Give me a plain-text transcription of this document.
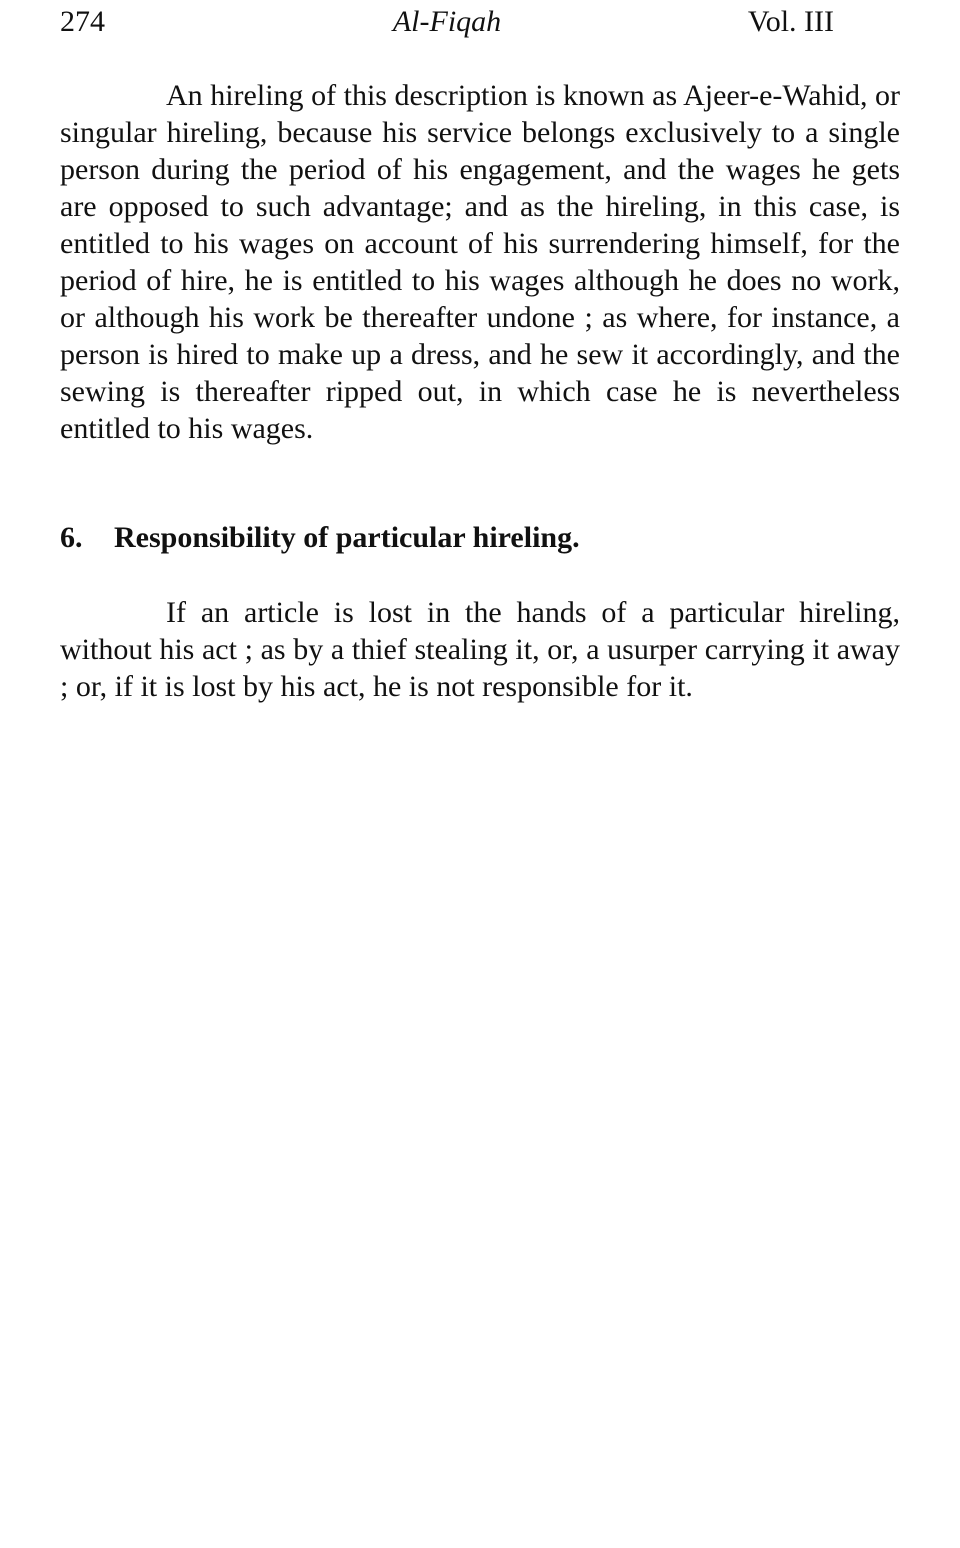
274	Al-Fiqah	Vol. III

An hireling of this description is known as Ajeer-e-Wahid, or singular hireling, because his service belongs exclusively to a single person during the period of his engagement, and the wages he gets are opposed to such advantage; and as the hireling, in this case, is entitled to his wages on account of his surrendering himself, for the period of hire, he is entitled to his wages although he does no work, or although his work be thereafter undone ; as where, for instance, a person is hired to make up a dress, and he sew it accordingly, and the sewing is thereafter ripped out, in which case he is nevertheless entitled to his wages.

6. Responsibility of particular hireling.

If an article is lost in the hands of a particular hireling, without his act ; as by a thief stealing it, or, a usurper carrying it away ; or, if it is lost by his act, he is not responsible for it.
